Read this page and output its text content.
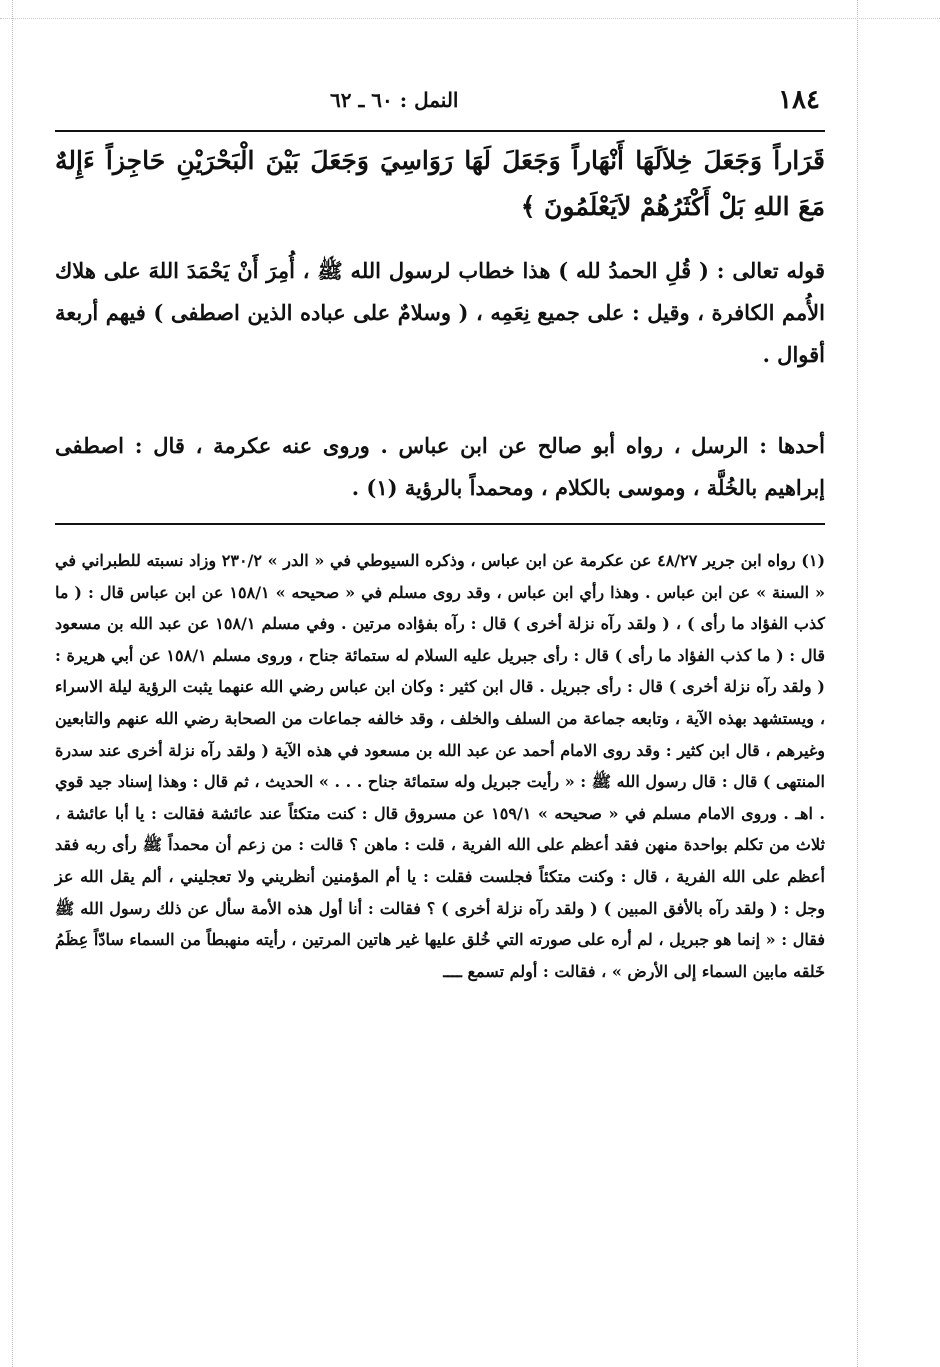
١٨٤
النمل : ٦٠ ـ ٦٢

قَرَاراً وَجَعَلَ خِلاَلَهَا أَنْهَاراً وَجَعَلَ لَهَا رَوَاسِيَ وَجَعَلَ بَيْنَ الْبَحْرَيْنِ حَاجِزاً ءَإِلهٌ مَعَ اللهِ بَلْ أَكْثَرُهُمْ لاَيَعْلَمُونَ ﴾

قوله تعالى : ( قُلِ الحمدُ لله ) هذا خطاب لرسول الله ﷺ ، أُمِرَ أَنْ يَحْمَدَ اللهَ على هلاك الأُمم الكافرة ، وقيل : على جميع نِعَمِه ، ( وسلامٌ على عباده الذين اصطفى ) فيهم أربعة أقوال .

أحدها : الرسل ، رواه أبو صالح عن ابن عباس . وروى عنه عكرمة ، قال : اصطفى إبراهيم بالخُلَّة ، وموسى بالكلام ، ومحمداً بالرؤية (١) .

(١) رواه ابن جرير ٤٨/٢٧ عن عكرمة عن ابن عباس ، وذكره السيوطي في « الدر » ٢٣٠/٢ وزاد نسبته للطبراني في « السنة » عن ابن عباس . وهذا رأي ابن عباس ، وقد روى مسلم في « صحيحه » ١٥٨/١ عن ابن عباس قال : ( ما كذب الفؤاد ما رأى ) ، ( ولقد رآه نزلة أخرى ) قال : رآه بفؤاده مرتين . وفي مسلم ١٥٨/١ عن عبد الله بن مسعود قال : ( ما كذب الفؤاد ما رأى ) قال : رأى جبريل عليه السلام له ستمائة جناح ، وروى مسلم ١٥٨/١ عن أبي هريرة : ( ولقد رآه نزلة أخرى ) قال : رأى جبريل . قال ابن كثير : وكان ابن عباس رضي الله عنهما يثبت الرؤية ليلة الاسراء ، ويستشهد بهذه الآية ، وتابعه جماعة من السلف والخلف ، وقد خالفه جماعات من الصحابة رضي الله عنهم والتابعين وغيرهم ، قال ابن كثير : وقد روى الامام أحمد عن عبد الله بن مسعود في هذه الآية ( ولقد رآه نزلة أخرى عند سدرة المنتهى ) قال : قال رسول الله ﷺ : « رأيت جبريل وله ستمائة جناح . . . » الحديث ، ثم قال : وهذا إسناد جيد قوي . اهـ . وروى الامام مسلم في « صحيحه » ١٥٩/١ عن مسروق قال : كنت متكئاً عند عائشة فقالت : يا أبا عائشة ، ثلاث من تكلم بواحدة منهن فقد أعظم على الله الفرية ، قلت : ماهن ؟ قالت : من زعم أن محمداً ﷺ رأى ربه فقد أعظم على الله الفرية ، قال : وكنت متكئاً فجلست فقلت : يا أم المؤمنين أنظريني ولا تعجليني ، ألم يقل الله عز وجل : ( ولقد رآه بالأفق المبين ) ( ولقد رآه نزلة أخرى ) ؟ فقالت : أنا أول هذه الأمة سأل عن ذلك رسول الله ﷺ فقال : « إنما هو جبريل ، لم أره على صورته التي خُلق عليها غير هاتين المرتين ، رأيته منهبطاً من السماء سادّاً عِظَمُ خَلقه مابين السماء إلى الأرض » ، فقالت : أولم تسمع ــــ
